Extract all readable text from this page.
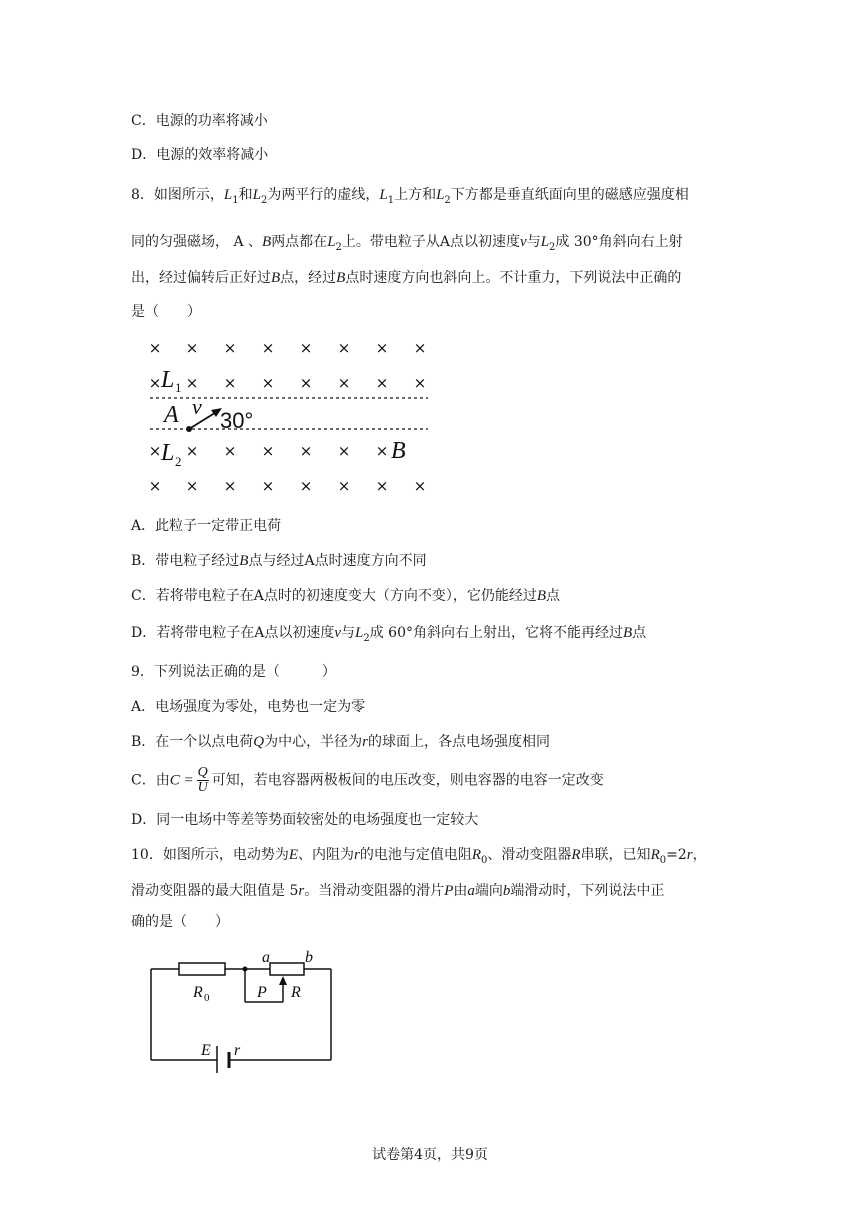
C．电源的功率将减小
D．电源的效率将减小
8．如图所示，$L_1$和$L_2$为两平行的虚线，$L_1$上方和$L_2$下方都是垂直纸面向里的磁感应强度相
同的匀强磁场， A 、B两点都在$L_2$上。带电粒子从A点以初速度v与$L_2$成 30°角斜向右上射
出，经过偏转后正好过B点，经过B点时速度方向也斜向上。不计重力，下列说法中正确的
是（　　）
× × × × × × × ×
× × × × × × × ×
× × × × × × ×
× × × × × × × ×
L 1
L 2
A v
B
30°
A．此粒子一定带正电荷
B．带电粒子经过B点与经过A点时速度方向不同
C．若将带电粒子在A点时的初速度变大（方向不变），它仍能经过B点
D．若将带电粒子在A点以初速度v与$L_2$成 60°角斜向右上射出，它将不能再经过B点
9．下列说法正确的是（　　　）
A．电场强度为零处，电势也一定为零
B．在一个以点电荷Q为中心，半径为r的球面上，各点电场强度相同
C．由$C = \frac{Q}{U}$ 可知，若电容器两极板间的电压改变，则电容器的电容一定改变
D．同一电场中等差等势面较密处的电场强度也一定较大
10．如图所示，电动势为E、内阻为r的电池与定值电阻$R_0$、滑动变阻器R串联，已知$R_0=2r$，
滑动变阻器的最大阻值是 5r。当滑动变阻器的滑片P由a端向b端滑动时，下列说法中正
确的是（　　）
a b
R 0	P R
E r
试卷第4页，共9页
